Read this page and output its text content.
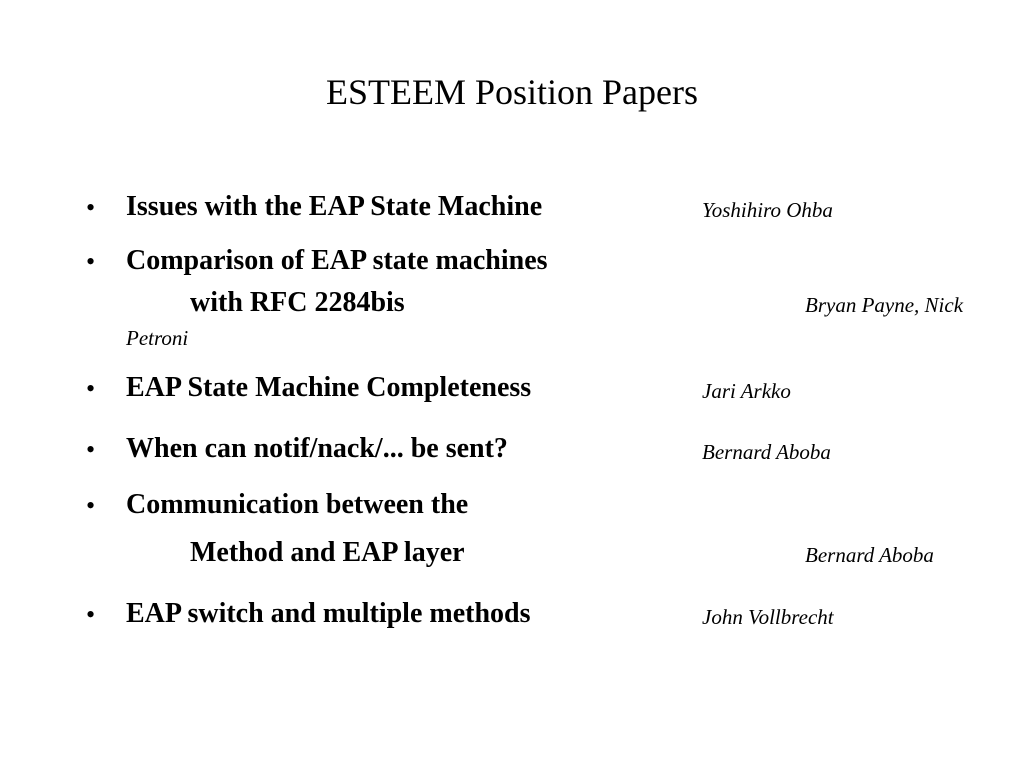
ESTEEM Position Papers
• Issues with the EAP State Machine	Yoshihiro Ohba
• Comparison of EAP state machines
with RFC 2284bis	Bryan Payne, Nick
Petroni
• EAP State Machine Completeness	Jari Arkko
• When can notif/nack/... be sent?	Bernard Aboba
• Communication between the
Method and EAP layer	Bernard Aboba
• EAP switch and multiple methods	John Vollbrecht
